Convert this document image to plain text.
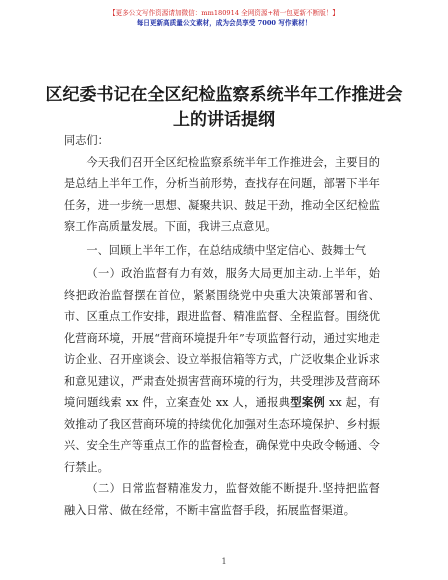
【更多公文写作资源请加微信：mm180914 全网资源+精一包更新不断版！】
每日更新高质量公文素材，成为会员享受 7000 写作素材！
区纪委书记在全区纪检监察系统半年工作推进会上的讲话提纲

同志们：

今天我们召开全区纪检监察系统半年工作推进会，主要目的是总结上半年工作，分析当前形势，查找存在问题，部署下半年任务，进一步统一思想、凝聚共识、鼓足干劲，推动全区纪检监察工作高质量发展。下面，我讲三点意见。

一、回顾上半年工作，在总结成绩中坚定信心、鼓舞士气

（一）政治监督有力有效，服务大局更加主动.上半年，始终把政治监督摆在首位，紧紧围绕党中央重大决策部署和省、市、区重点工作安排，跟进监督、精准监督、全程监督。围绕优化营商环境，开展“营商环境提升年”专项监督行动，通过实地走访企业、召开座谈会、设立举报信箱等方式，广泛收集企业诉求和意见建议，严肃查处损害营商环境的行为，共受理涉及营商环境问题线索 xx 件，立案查处 xx 人，通报典型案例 xx 起，有效推动了我区营商环境的持续优化加强对生态环境保护、乡村振兴、安全生产等重点工作的监督检查，确保党中央政令畅通、令行禁止。

（二）日常监督精准发力，监督效能不断提升.坚持把监督融入日常、做在经常，不断丰富监督手段，拓展监督渠道。

1
